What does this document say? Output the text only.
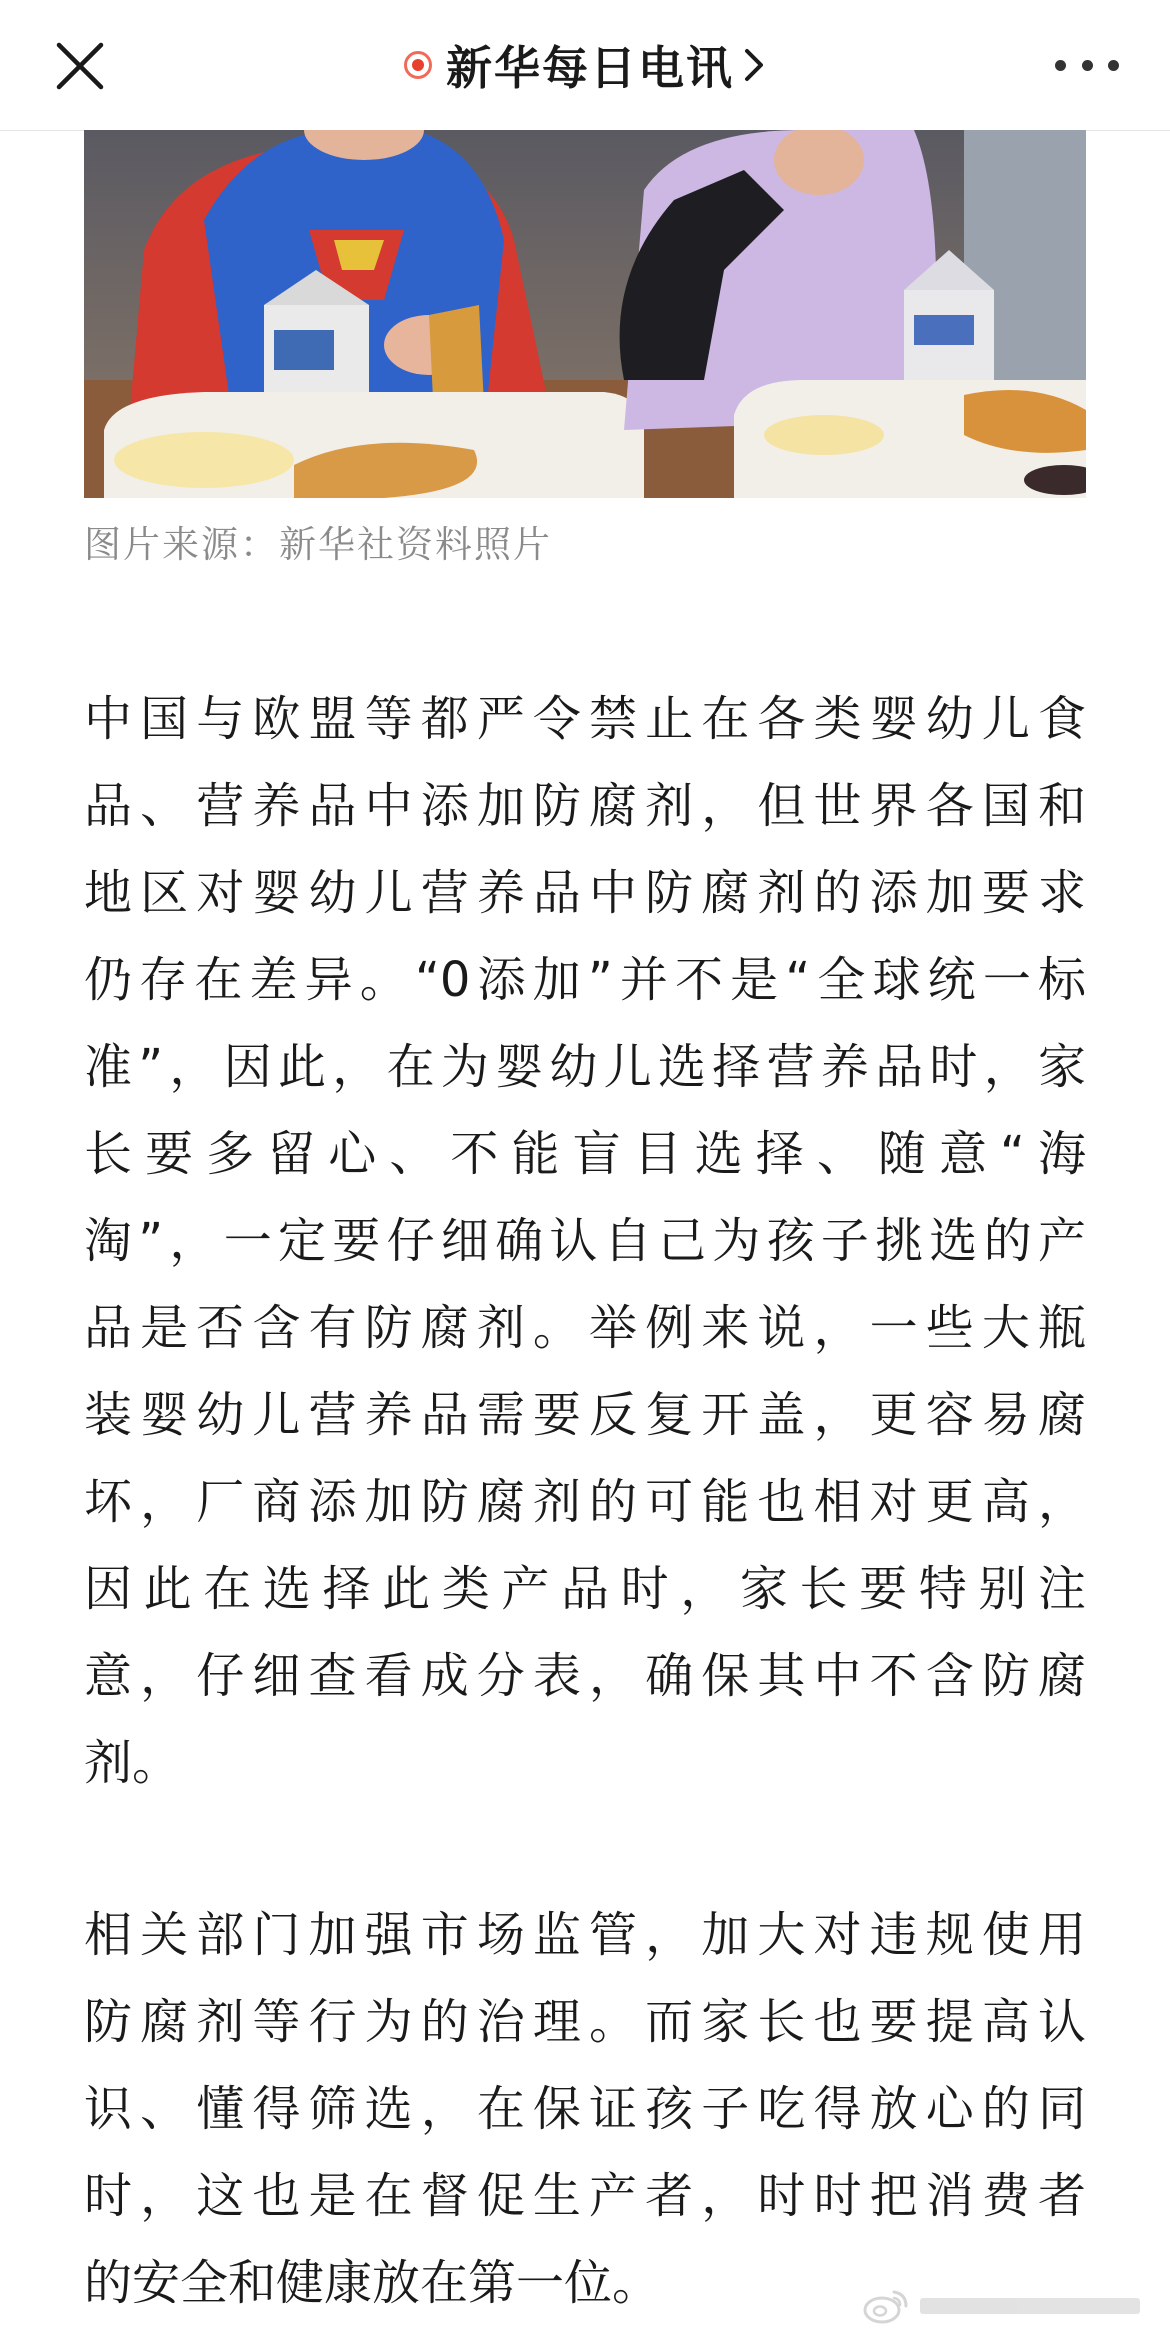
新华每日电讯
图片来源：新华社资料照片
中国与欧盟等都严令禁止在各类婴幼儿食
品、营养品中添加防腐剂，但世界各国和
地区对婴幼儿营养品中防腐剂的添加要求
仍存在差异。“0添加”并不是“全球统一标
准”，因此，在为婴幼儿选择营养品时，家
长要多留心、不能盲目选择、随意“海
淘”，一定要仔细确认自己为孩子挑选的产
品是否含有防腐剂。举例来说，一些大瓶
装婴幼儿营养品需要反复开盖，更容易腐
坏，厂商添加防腐剂的可能也相对更高，
因此在选择此类产品时，家长要特别注
意，仔细查看成分表，确保其中不含防腐
剂。
相关部门加强市场监管，加大对违规使用
防腐剂等行为的治理。而家长也要提高认
识、懂得筛选，在保证孩子吃得放心的同
时，这也是在督促生产者，时时把消费者
的安全和健康放在第一位。
